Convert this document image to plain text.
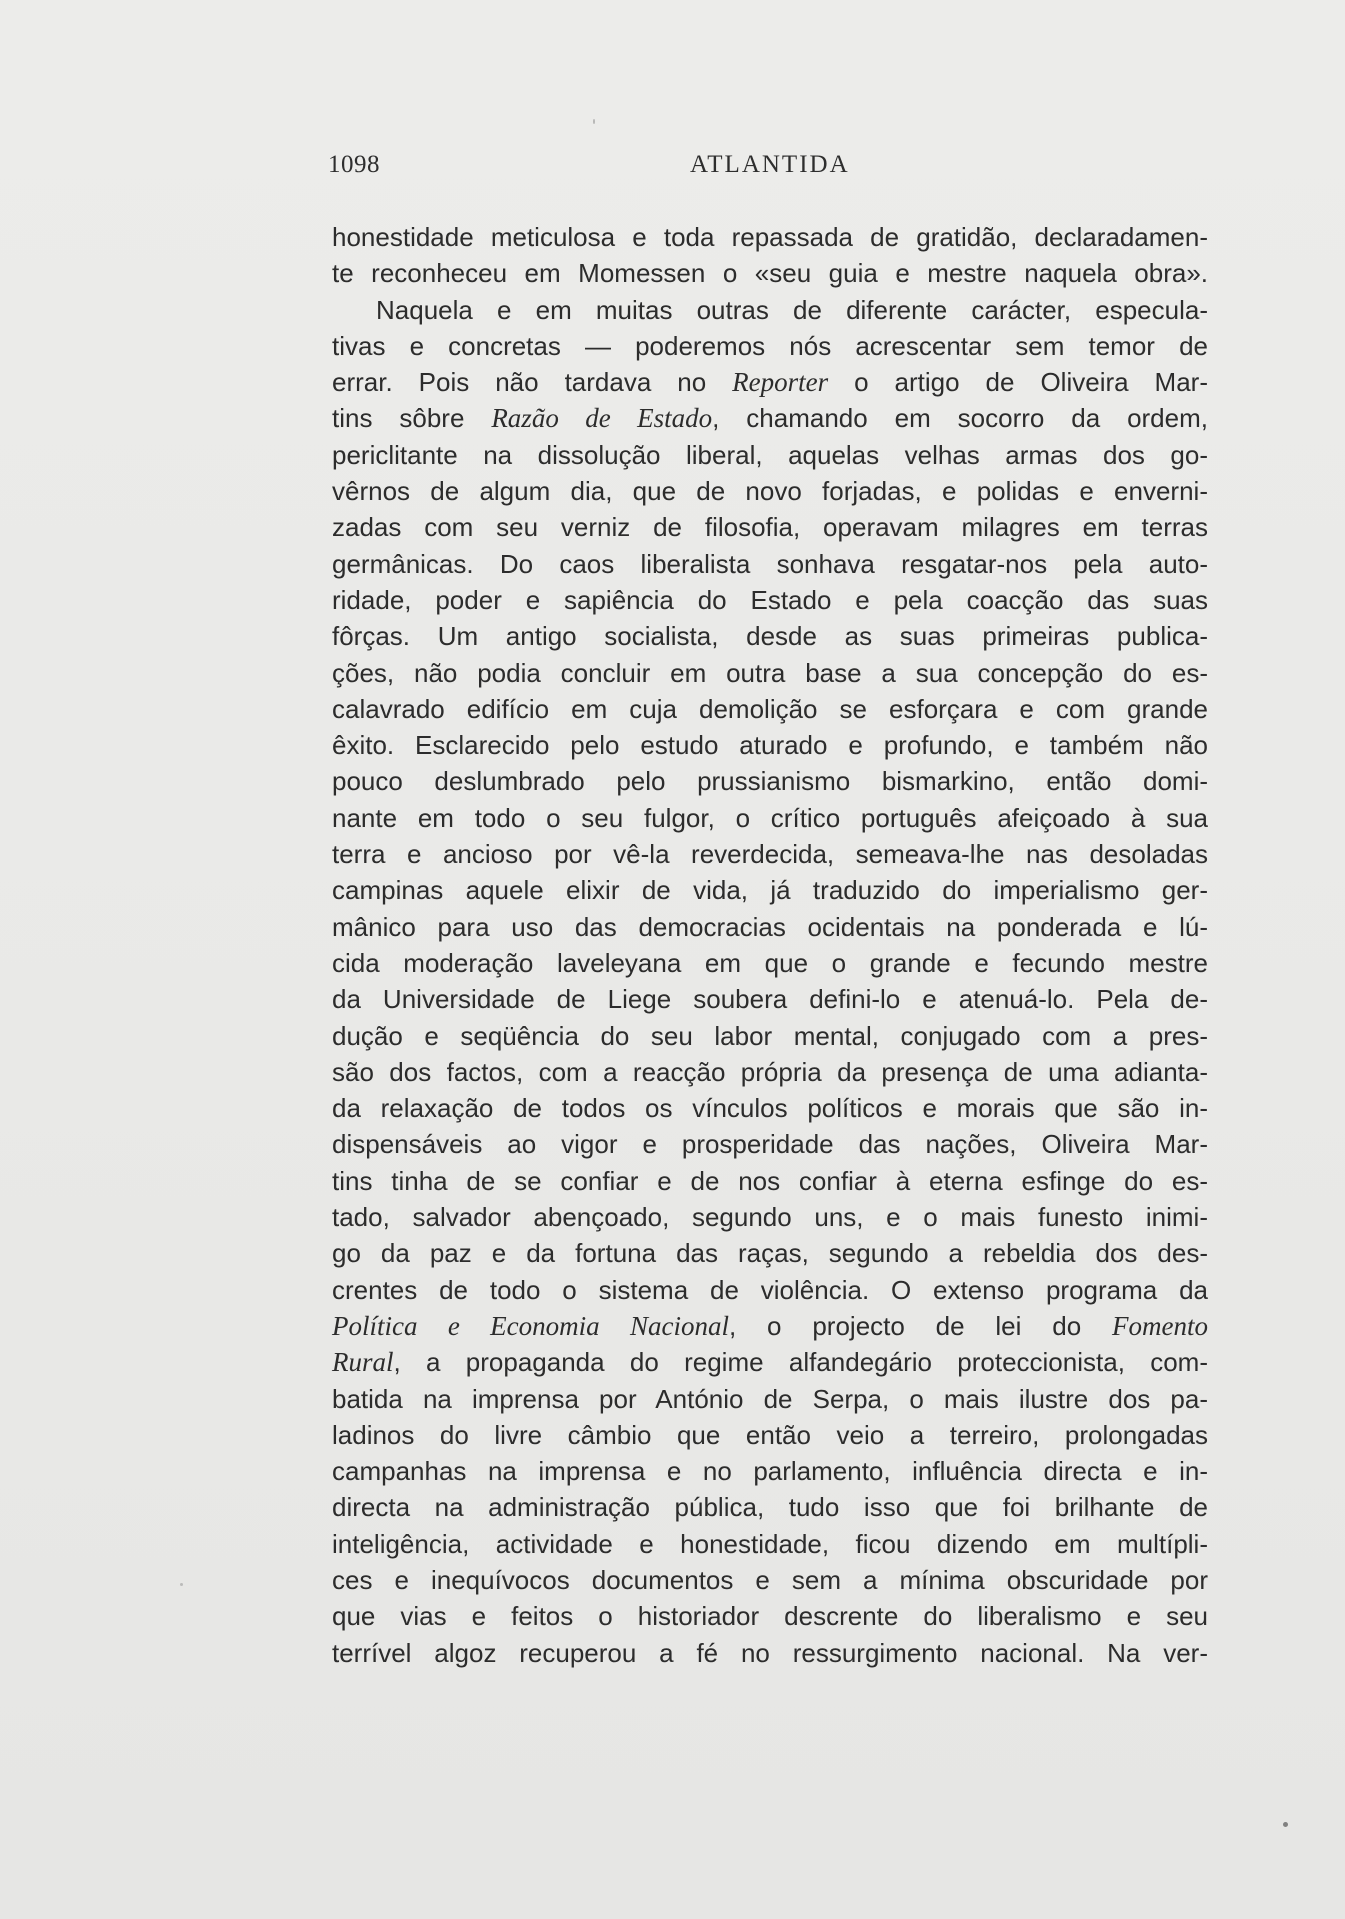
1098	ATLANTIDA
honestidade meticulosa e toda repassada de gratidão, declaradamen-
te reconheceu em Momessen o «seu guia e mestre naquela obra».
Naquela e em muitas outras de diferente carácter, especula-
tivas e concretas — poderemos nós acrescentar sem temor de
errar. Pois não tardava no Reporter o artigo de Oliveira Mar-
tins sôbre Razão de Estado, chamando em socorro da ordem,
periclitante na dissolução liberal, aquelas velhas armas dos go-
vêrnos de algum dia, que de novo forjadas, e polidas e enverni-
zadas com seu verniz de filosofia, operavam milagres em terras
germânicas. Do caos liberalista sonhava resgatar-nos pela auto-
ridade, poder e sapiência do Estado e pela coacção das suas
fôrças. Um antigo socialista, desde as suas primeiras publica-
ções, não podia concluir em outra base a sua concepção do es-
calavrado edifício em cuja demolição se esforçara e com grande
êxito. Esclarecido pelo estudo aturado e profundo, e também não
pouco deslumbrado pelo prussianismo bismarkino, então domi-
nante em todo o seu fulgor, o crítico português afeiçoado à sua
terra e ancioso por vê-la reverdecida, semeava-lhe nas desoladas
campinas aquele elixir de vida, já traduzido do imperialismo ger-
mânico para uso das democracias ocidentais na ponderada e lú-
cida moderação laveleyana em que o grande e fecundo mestre
da Universidade de Liege soubera defini-lo e atenuá-lo. Pela de-
dução e seqüência do seu labor mental, conjugado com a pres-
são dos factos, com a reacção própria da presença de uma adianta-
da relaxação de todos os vínculos políticos e morais que são in-
dispensáveis ao vigor e prosperidade das nações, Oliveira Mar-
tins tinha de se confiar e de nos confiar à eterna esfinge do es-
tado, salvador abençoado, segundo uns, e o mais funesto inimi-
go da paz e da fortuna das raças, segundo a rebeldia dos des-
crentes de todo o sistema de violência. O extenso programa da
Política e Economia Nacional, o projecto de lei do Fomento
Rural, a propaganda do regime alfandegário proteccionista, com-
batida na imprensa por António de Serpa, o mais ilustre dos pa-
ladinos do livre câmbio que então veio a terreiro, prolongadas
campanhas na imprensa e no parlamento, influência directa e in-
directa na administração pública, tudo isso que foi brilhante de
inteligência, actividade e honestidade, ficou dizendo em multípli-
ces e inequívocos documentos e sem a mínima obscuridade por
que vias e feitos o historiador descrente do liberalismo e seu
terrível algoz recuperou a fé no ressurgimento nacional. Na ver-
